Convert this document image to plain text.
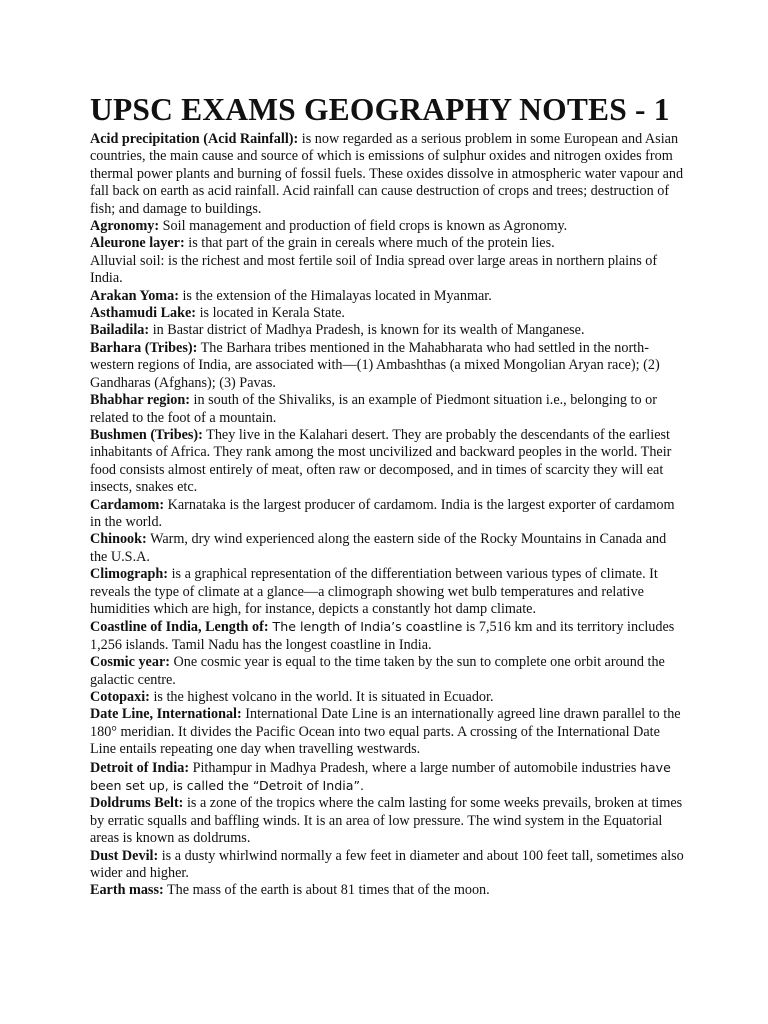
UPSC EXAMS GEOGRAPHY NOTES - 1

Acid precipitation (Acid Rainfall): is now regarded as a serious problem in some European and Asian countries, the main cause and source of which is emissions of sulphur oxides and nitrogen oxides from thermal power plants and burning of fossil fuels. These oxides dissolve in atmospheric water vapour and fall back on earth as acid rainfall. Acid rainfall can cause destruction of crops and trees; destruction of fish; and damage to buildings.

Agronomy: Soil management and production of field crops is known as Agronomy.

Aleurone layer: is that part of the grain in cereals where much of the protein lies.

Alluvial soil: is the richest and most fertile soil of India spread over large areas in northern plains of India.

Arakan Yoma: is the extension of the Himalayas located in Myanmar.

Asthamudi Lake: is located in Kerala State.

Bailadila: in Bastar district of Madhya Pradesh, is known for its wealth of Manganese.

Barhara (Tribes): The Barhara tribes mentioned in the Mahabharata who had settled in the north-western regions of India, are associated with—(1) Ambashthas (a mixed Mongolian Aryan race); (2) Gandharas (Afghans); (3) Pavas.

Bhabhar region: in south of the Shivaliks, is an example of Piedmont situation i.e., belonging to or related to the foot of a mountain.

Bushmen (Tribes): They live in the Kalahari desert. They are probably the descendants of the earliest inhabitants of Africa. They rank among the most uncivilized and backward peoples in the world. Their food consists almost entirely of meat, often raw or decomposed, and in times of scarcity they will eat insects, snakes etc.

Cardamom: Karnataka is the largest producer of cardamom. India is the largest exporter of cardamom in the world.

Chinook: Warm, dry wind experienced along the eastern side of the Rocky Mountains in Canada and the U.S.A.

Climograph: is a graphical representation of the differentiation between various types of climate. It reveals the type of climate at a glance—a climograph showing wet bulb temperatures and relative humidities which are high, for instance, depicts a constantly hot damp climate.

Coastline of India, Length of: The length of India’s coastline is 7,516 km and its territory includes 1,256 islands. Tamil Nadu has the longest coastline in India.

Cosmic year: One cosmic year is equal to the time taken by the sun to complete one orbit around the galactic centre.

Cotopaxi: is the highest volcano in the world. It is situated in Ecuador.

Date Line, International: International Date Line is an internationally agreed line drawn parallel to the 180° meridian. It divides the Pacific Ocean into two equal parts. A crossing of the International Date Line entails repeating one day when travelling westwards.

Detroit of India: Pithampur in Madhya Pradesh, where a large number of automobile industries have been set up, is called the “Detroit of India”.

Doldrums Belt: is a zone of the tropics where the calm lasting for some weeks prevails, broken at times by erratic squalls and baffling winds. It is an area of low pressure. The wind system in the Equatorial areas is known as doldrums.

Dust Devil: is a dusty whirlwind normally a few feet in diameter and about 100 feet tall, sometimes also wider and higher.

Earth mass: The mass of the earth is about 81 times that of the moon.
